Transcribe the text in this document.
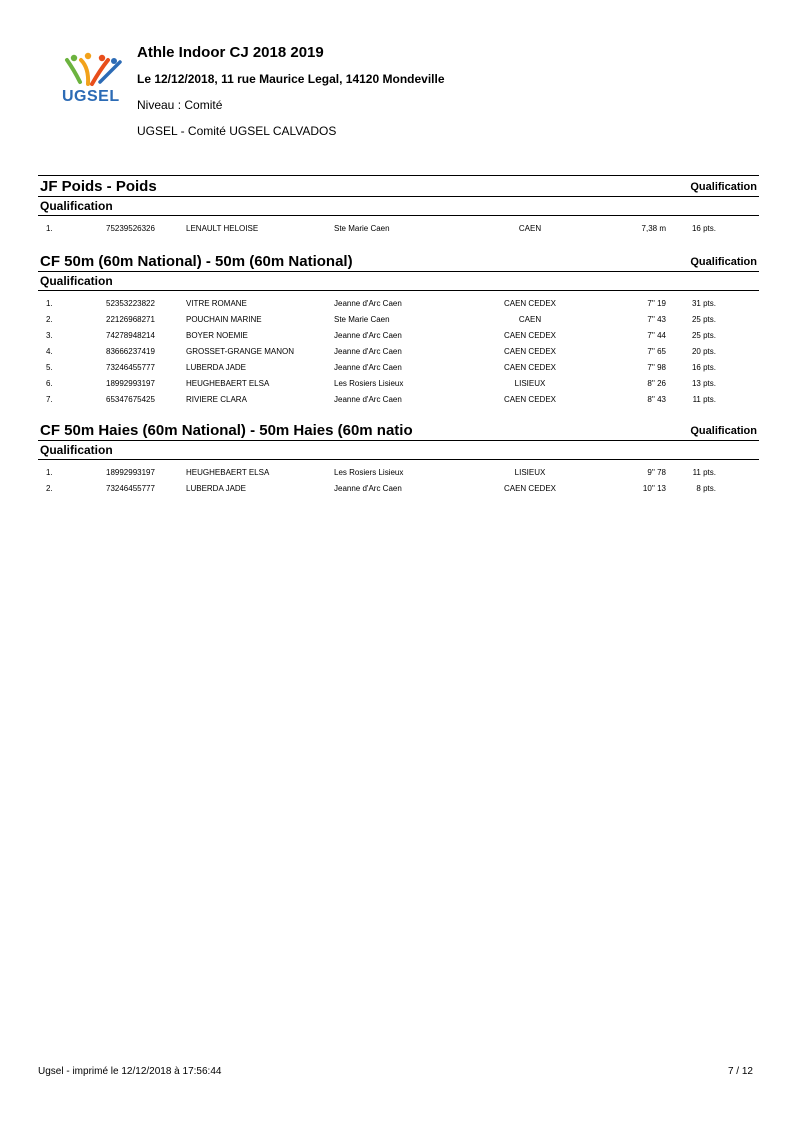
UGSEL
Athle Indoor CJ 2018 2019
Le 12/12/2018, 11 rue Maurice Legal, 14120 Mondeville
Niveau : Comité
UGSEL - Comité UGSEL CALVADOS
JF Poids - Poids	Qualification
Qualification
1.	75239526326	LENAULT HELOISE	Ste Marie Caen	CAEN	7,38 m	16 pts.
CF 50m (60m National) - 50m (60m National)	Qualification
Qualification
1.	52353223822	VITRE ROMANE	Jeanne d'Arc Caen	CAEN CEDEX	7'' 19	31 pts.
2.	22126968271	POUCHAIN MARINE	Ste Marie Caen	CAEN	7'' 43	25 pts.
3.	74278948214	BOYER NOEMIE	Jeanne d'Arc Caen	CAEN CEDEX	7'' 44	25 pts.
4.	83666237419	GROSSET-GRANGE MANON	Jeanne d'Arc Caen	CAEN CEDEX	7'' 65	20 pts.
5.	73246455777	LUBERDA JADE	Jeanne d'Arc Caen	CAEN CEDEX	7'' 98	16 pts.
6.	18992993197	HEUGHEBAERT ELSA	Les Rosiers Lisieux	LISIEUX	8'' 26	13 pts.
7.	65347675425	RIVIERE CLARA	Jeanne d'Arc Caen	CAEN CEDEX	8'' 43	11 pts.
CF 50m Haies (60m National) - 50m Haies (60m natio	Qualification
Qualification
1.	18992993197	HEUGHEBAERT ELSA	Les Rosiers Lisieux	LISIEUX	9'' 78	11 pts.
2.	73246455777	LUBERDA JADE	Jeanne d'Arc Caen	CAEN CEDEX	10'' 13	8 pts.
Ugsel - imprimé le 12/12/2018 à 17:56:44	7 / 12
